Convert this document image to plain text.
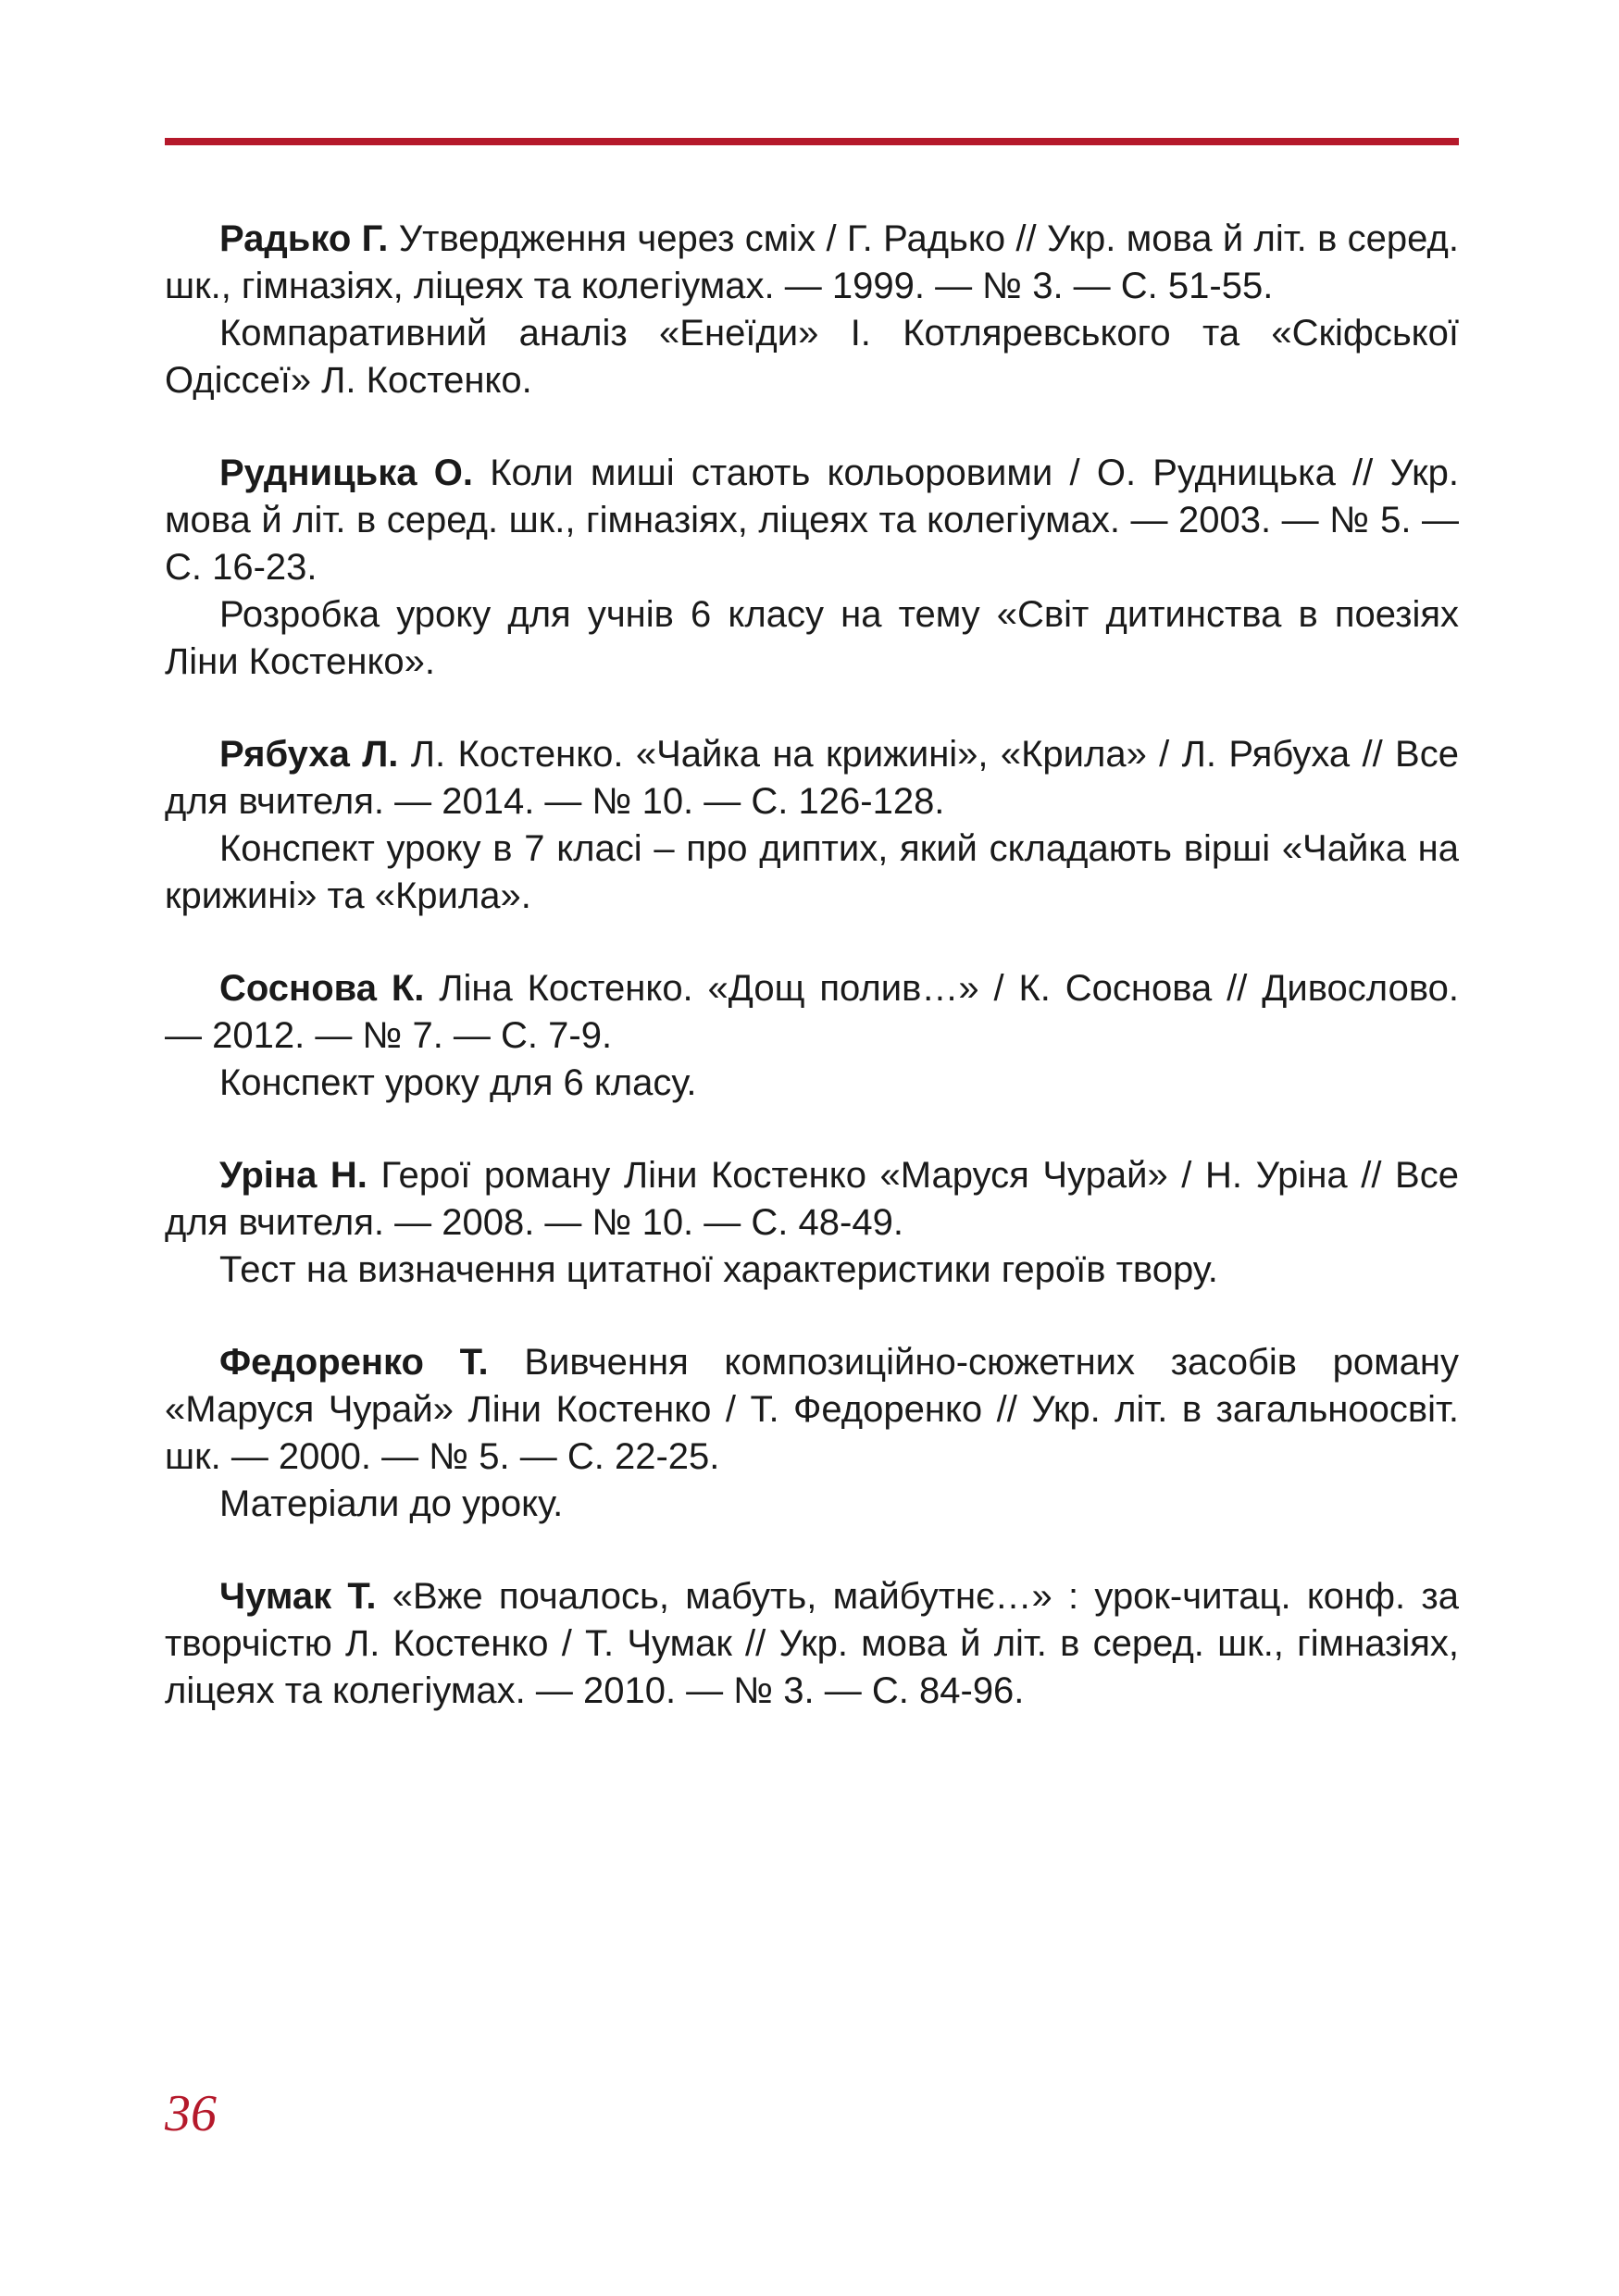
Радько Г. Утвердження через сміх / Г. Радько // Укр. мова й літ. в серед. шк., гімназіях, ліцеях та колегіумах. — 1999. — № 3. — С. 51-55.

Компаративний аналіз «Енеїди» І. Котляревського та «Скіфської Одіссеї» Л. Костенко.

Рудницька О. Коли миші стають кольоровими / О. Рудницька // Укр. мова й літ. в серед. шк., гімназіях, ліцеях та колегіумах. — 2003. — № 5. — С. 16-23.

Розробка уроку для учнів 6 класу на тему «Світ дитинства в поезіях Ліни Костенко».

Рябуха Л. Л. Костенко. «Чайка на крижині», «Крила» / Л. Рябуха // Все для вчителя. — 2014. — № 10. — С. 126-128.

Конспект уроку в 7 класі – про диптих, який складають вірші «Чайка на крижині» та «Крила».

Соснова К. Ліна Костенко. «Дощ полив…» / К. Соснова // Дивослово. — 2012. — № 7. — С. 7-9.

Конспект уроку для 6 класу.

Уріна Н. Герої роману Ліни Костенко «Маруся Чурай» / Н. Уріна // Все для вчителя. — 2008. — № 10. — С. 48-49.

Тест на визначення цитатної характеристики героїв твору.

Федоренко Т. Вивчення композиційно-сюжетних засобів роману «Маруся Чурай» Ліни Костенко / Т. Федоренко // Укр. літ. в загальноосвіт. шк. — 2000. — № 5. — С. 22-25.

Матеріали до уроку.

Чумак Т. «Вже почалось, мабуть, майбутнє…» : урок-читац. конф. за творчістю Л. Костенко / Т. Чумак // Укр. мова й літ. в серед. шк., гімназіях, ліцеях та колегіумах. — 2010. — № 3. — С. 84-96.

36
